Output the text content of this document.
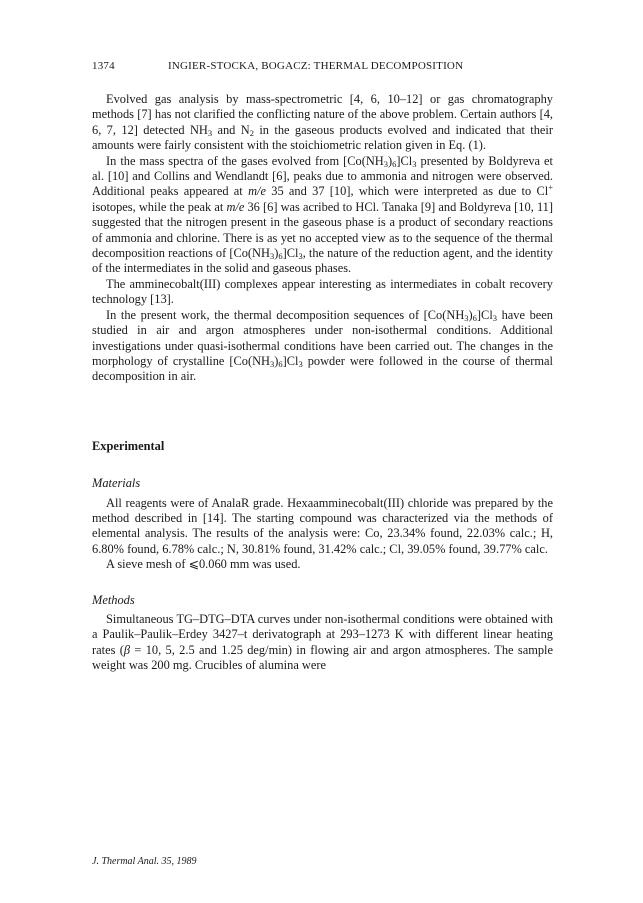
1374	INGIER-STOCKA, BOGACZ: THERMAL DECOMPOSITION

Evolved gas analysis by mass-spectrometric [4, 6, 10–12] or gas chromatography methods [7] has not clarified the conflicting nature of the above problem. Certain authors [4, 6, 7, 12] detected $NH_3$ and $N_2$ in the gaseous products evolved and indicated that their amounts were fairly consistent with the stoichiometric relation given in Eq. (1).

In the mass spectra of the gases evolved from $[Co(NH_3)_6]Cl_3$ presented by Boldyreva et al. [10] and Collins and Wendlandt [6], peaks due to ammonia and nitrogen were observed. Additional peaks appeared at m/e 35 and 37 [10], which were interpreted as due to Cl+ isotopes, while the peak at m/e 36 [6] was acribed to HCl. Tanaka [9] and Boldyreva [10, 11] suggested that the nitrogen present in the gaseous phase is a product of secondary reactions of ammonia and chlorine. There is as yet no accepted view as to the sequence of the thermal decomposition reactions of $[Co(NH_3)_6]Cl_3$, the nature of the reduction agent, and the identity of the intermediates in the solid and gaseous phases.

The amminecobalt(III) complexes appear interesting as intermediates in cobalt recovery technology [13].

In the present work, the thermal decomposition sequences of $[Co(NH_3)_6]Cl_3$ have been studied in air and argon atmospheres under non-isothermal conditions. Additional investigations under quasi-isothermal conditions have been carried out. The changes in the morphology of crystalline $[Co(NH_3)_6]Cl_3$ powder were followed in the course of thermal decomposition in air.

Experimental
Materials

All reagents were of AnalaR grade. Hexaamminecobalt(III) chloride was prepared by the method described in [14]. The starting compound was characterized via the methods of elemental analysis. The results of the analysis were: Co, 23.34% found, 22.03% calc.; H, 6.80% found, 6.78% calc.; N, 30.81% found, 31.42% calc.; Cl, 39.05% found, 39.77% calc.

A sieve mesh of ⩽0.060 mm was used.

Methods

Simultaneous TG–DTG–DTA curves under non-isothermal conditions were obtained with a Paulik–Paulik–Erdey 3427–t derivatograph at 293–1273 K with different linear heating rates (β = 10, 5, 2.5 and 1.25 deg/min) in flowing air and argon atmospheres. The sample weight was 200 mg. Crucibles of alumina were

J. Thermal Anal. 35, 1989
